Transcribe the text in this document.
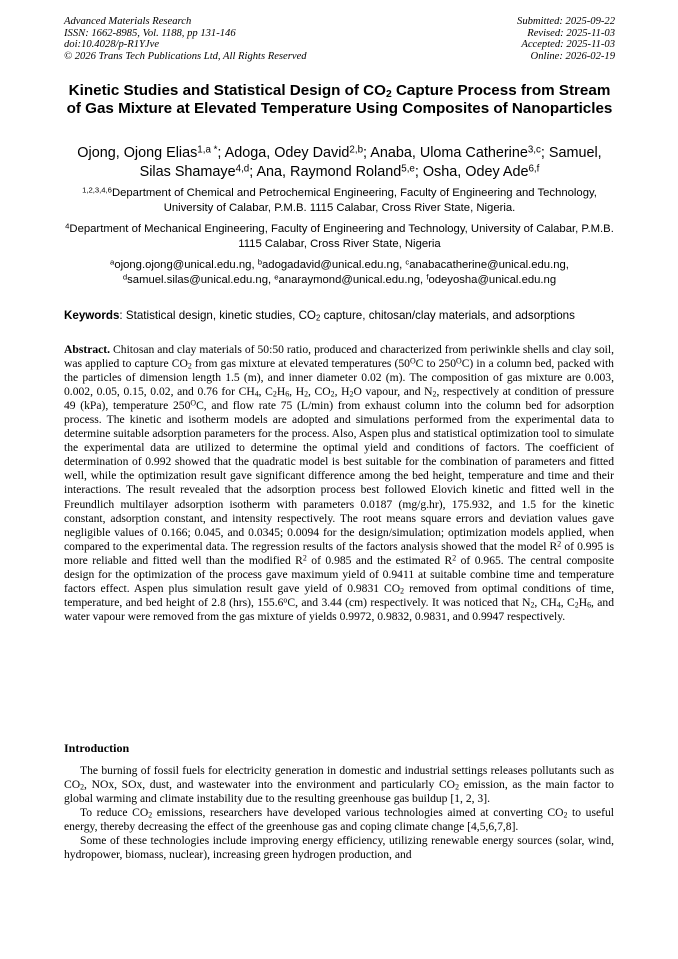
Advanced Materials Research
ISSN: 1662-8985, Vol. 1188, pp 131-146
doi:10.4028/p-R1YJve
© 2026 Trans Tech Publications Ltd, All Rights Reserved
Submitted: 2025-09-22
Revised: 2025-11-03
Accepted: 2025-11-03
Online: 2026-02-19
Kinetic Studies and Statistical Design of $CO_2$ Capture Process from Stream of Gas Mixture at Elevated Temperature Using Composites of Nanoparticles
Ojong, Ojong Elias$^{1,a *}$; Adoga, Odey David$^{2,b}$; Anaba, Uloma Catherine$^{3,c}$; Samuel, Silas Shamaye$^{4,d}$; Ana, Raymond Roland$^{5,e}$; Osha, Odey Ade$^{6,f}$
$^{1,2,3,4,6}$Department of Chemical and Petrochemical Engineering, Faculty of Engineering and Technology, University of Calabar, P.M.B. 1115 Calabar, Cross River State, Nigeria.
$^4$Department of Mechanical Engineering, Faculty of Engineering and Technology, University of Calabar, P.M.B. 1115 Calabar, Cross River State, Nigeria
$^a$ojong.ojong@unical.edu.ng, $^b$adogadavid@unical.edu.ng, $^c$anabacatherine@unical.edu.ng,
$^d$samuel.silas@unical.edu.ng, $^e$anaraymond@unical.edu.ng, $^f$odeyosha@unical.edu.ng
Keywords: Statistical design, kinetic studies, $CO_2$ capture, chitosan/clay materials, and adsorptions
Abstract. Chitosan and clay materials of 50:50 ratio, produced and characterized from periwinkle shells and clay soil, was applied to capture $CO_2$ from gas mixture at elevated temperatures ($50^OC$ to $250^OC$) in a column bed, packed with the particles of dimension length 1.5 (m), and inner diameter 0.02 (m). The composition of gas mixture are 0.003, 0.002, 0.05, 0.15, 0.02, and 0.76 for $CH_4$, $C_2H_6$, $H_2$, $CO_2$, $H_2O$ vapour, and $N_2$, respectively at condition of pressure 49 (kPa), temperature $250^OC$, and flow rate 75 (L/min) from exhaust column into the column bed for adsorption process. The kinetic and isotherm models are adopted and simulations performed from the experimental data to determine suitable adsorption parameters for the process. Also, Aspen plus and statistical optimization tool to simulate the experimental data are utilized to determine the optimal yield and conditions of factors. The coefficient of determination of 0.992 showed that the quadratic model is best suitable for the combination of parameters and fitted well, while the optimization result gave significant difference among the bed height, temperature and time and their interactions. The result revealed that the adsorption process best followed Elovich kinetic and fitted well in the Freundlich multilayer adsorption isotherm with parameters 0.0187 (mg/g.hr), 175.932, and 1.5 for the kinetic constant, adsorption constant, and intensity respectively. The root means square errors and deviation values gave negligible values of 0.166; 0.045, and 0.0345; 0.0094 for the design/simulation; optimization models applied, when compared to the experimental data. The regression results of the factors analysis showed that the model $R^2$ of 0.995 is more reliable and fitted well than the modified $R^2$ of 0.985 and the estimated $R^2$ of 0.965. The central composite design for the optimization of the process gave maximum yield of 0.9411 at suitable combine time and temperature factors effect. Aspen plus simulation result gave yield of 0.9831 $CO_2$ removed from optimal conditions of time, temperature, and bed height of 2.8 (hrs), 155.6$^o$C, and 3.44 (cm) respectively. It was noticed that $N_2$, $CH_4$, $C_2H_6$, and water vapour were removed from the gas mixture of yields 0.9972, 0.9832, 0.9831, and 0.9947 respectively.
Introduction

The burning of fossil fuels for electricity generation in domestic and industrial settings releases pollutants such as $CO_2$, NOx, SOx, dust, and wastewater into the environment and particularly $CO_2$ emission, as the main factor to global warming and climate instability due to the resulting greenhouse gas buildup [1, 2, 3].

To reduce $CO_2$ emissions, researchers have developed various technologies aimed at converting $CO_2$ to useful energy, thereby decreasing the effect of the greenhouse gas and coping climate change [4,5,6,7,8].

Some of these technologies include improving energy efficiency, utilizing renewable energy sources (solar, wind, hydropower, biomass, nuclear), increasing green hydrogen production, and
